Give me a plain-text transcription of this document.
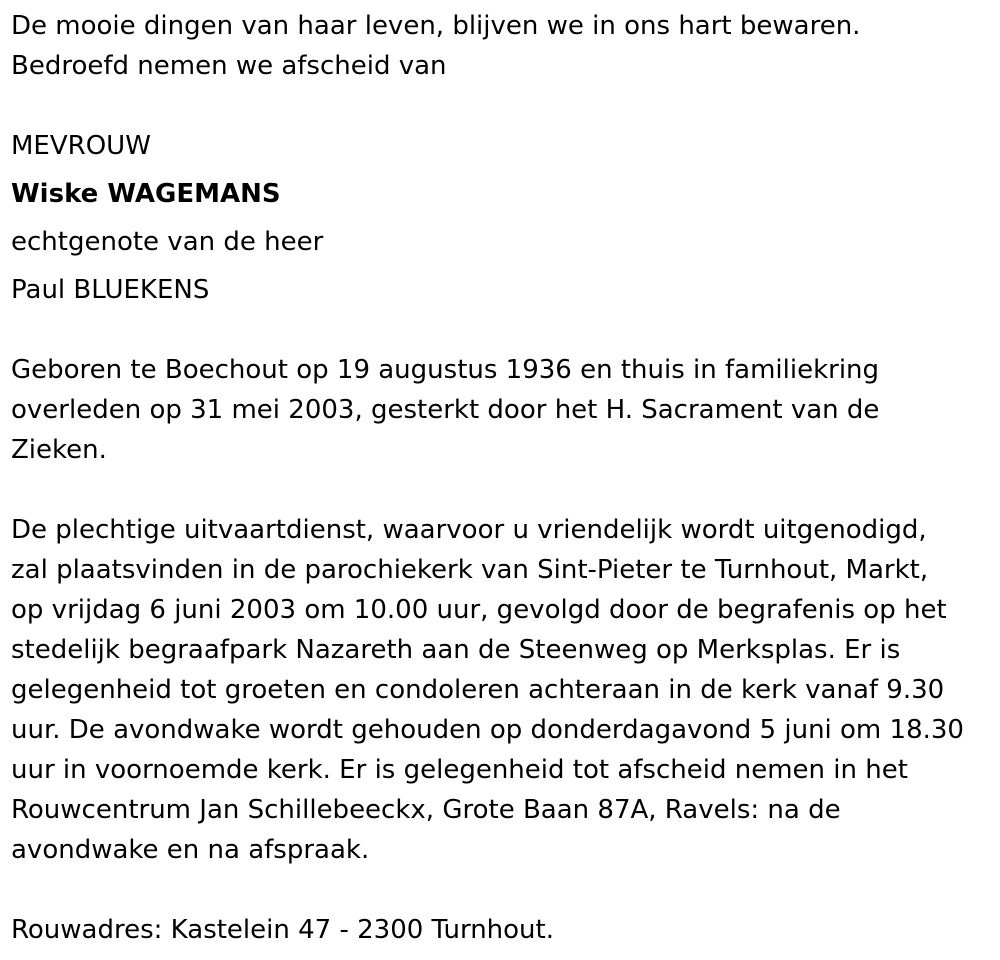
De mooie dingen van haar leven, blijven we in ons hart bewaren.
Bedroefd nemen we afscheid van
MEVROUW
Wiske WAGEMANS
echtgenote van de heer
Paul BLUEKENS
Geboren te Boechout op 19 augustus 1936 en thuis in familiekring
overleden op 31 mei 2003, gesterkt door het H. Sacrament van de
Zieken.
De plechtige uitvaartdienst, waarvoor u vriendelijk wordt uitgenodigd,
zal plaatsvinden in de parochiekerk van Sint-Pieter te Turnhout, Markt,
op vrijdag 6 juni 2003 om 10.00 uur, gevolgd door de begrafenis op het
stedelijk begraafpark Nazareth aan de Steenweg op Merksplas. Er is
gelegenheid tot groeten en condoleren achteraan in de kerk vanaf 9.30
uur. De avondwake wordt gehouden op donderdagavond 5 juni om 18.30
uur in voornoemde kerk. Er is gelegenheid tot afscheid nemen in het
Rouwcentrum Jan Schillebeeckx, Grote Baan 87A, Ravels: na de
avondwake en na afspraak.
Rouwadres: Kastelein 47 - 2300 Turnhout.
